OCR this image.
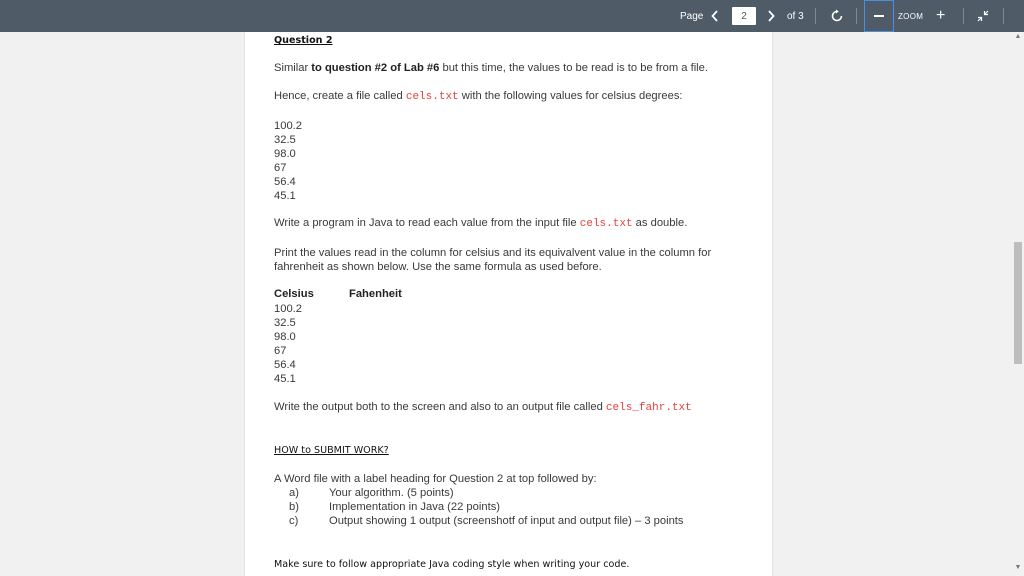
Page	2	of 3	ZOOM +
Question 2
Similar to question #2 of Lab #6 but this time, the values to be read is to be from a file.
Hence, create a file called cels.txt with the following values for celsius degrees:
100.2
32.5
98.0
67
56.4
45.1
Write a program in Java to read each value from the input file cels.txt as double.
Print the values read in the column for celsius and its equivalvent value in the column for
fahrenheit as shown below. Use the same formula as used before.
Celsius	Fahenheit
100.2
32.5
98.0
67
56.4
45.1
Write the output both to the screen and also to an output file called cels_fahr.txt
HOW to SUBMIT WORK?
A Word file with a label heading for Question 2 at top followed by:
a)	Your algorithm. (5 points)
b)	Implementation in Java (22 points)
c)	Output showing 1 output (screenshotf of input and output file) – 3 points
Make sure to follow appropriate Java coding style when writing your code.
▲
▼
